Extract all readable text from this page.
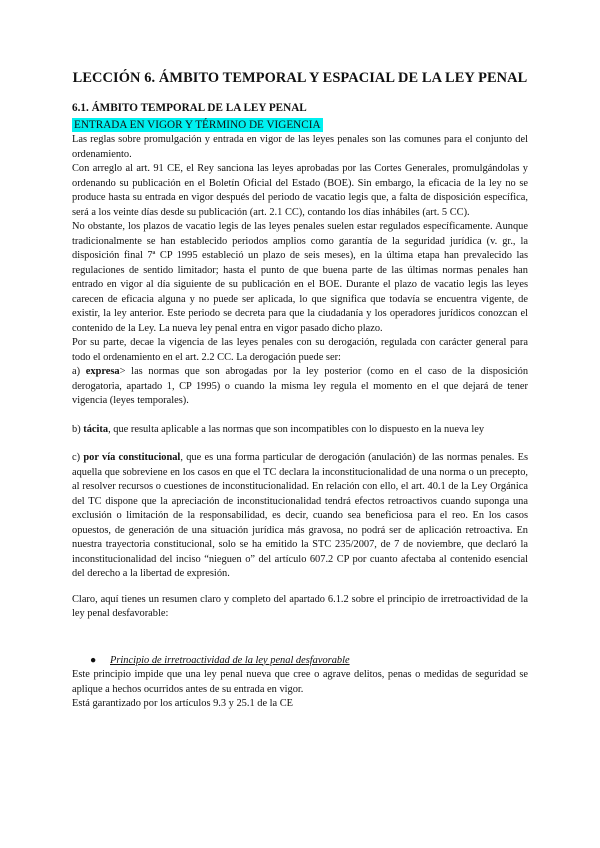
LECCIÓN 6. ÁMBITO TEMPORAL Y ESPACIAL DE LA LEY PENAL
6.1. ÁMBITO TEMPORAL DE LA LEY PENAL
ENTRADA EN VIGOR Y TÉRMINO DE VIGENCIA

Las reglas sobre promulgación y entrada en vigor de las leyes penales son las comunes para el conjunto del ordenamiento.

Con arreglo al art. 91 CE, el Rey sanciona las leyes aprobadas por las Cortes Generales, promulgándolas y ordenando su publicación en el Boletín Oficial del Estado (BOE). Sin embargo, la eficacia de la ley no se produce hasta su entrada en vigor después del periodo de vacatio legis que, a falta de disposición específica, será a los veinte días desde su publicación (art. 2.1 CC), contando los días inhábiles (art. 5 CC).

No obstante, los plazos de vacatio legis de las leyes penales suelen estar regulados específicamente. Aunque tradicionalmente se han establecido periodos amplios como garantía de la seguridad jurídica (v. gr., la disposición final 7ª CP 1995 estableció un plazo de seis meses), en la última etapa han prevalecido las regulaciones de sentido limitador; hasta el punto de que buena parte de las últimas normas penales han entrado en vigor al día siguiente de su publicación en el BOE. Durante el plazo de vacatio legis las leyes carecen de eficacia alguna y no puede ser aplicada, lo que significa que todavía se encuentra vigente, de existir, la ley anterior. Este periodo se decreta para que la ciudadanía y los operadores jurídicos conozcan el contenido de la Ley. La nueva ley penal entra en vigor pasado dicho plazo.

Por su parte, decae la vigencia de las leyes penales con su derogación, regulada con carácter general para todo el ordenamiento en el art. 2.2 CC. La derogación puede ser:

a) expresa> las normas que son abrogadas por la ley posterior (como en el caso de la disposición derogatoria, apartado 1, CP 1995) o cuando la misma ley regula el momento en el que dejará de tener vigencia (leyes temporales).

b) tácita, que resulta aplicable a las normas que son incompatibles con lo dispuesto en la nueva ley

c) por vía constitucional, que es una forma particular de derogación (anulación) de las normas penales. Es aquella que sobreviene en los casos en que el TC declara la inconstitucionalidad de una norma o un precepto, al resolver recursos o cuestiones de inconstitucionalidad. En relación con ello, el art. 40.1 de la Ley Orgánica del TC dispone que la apreciación de inconstitucionalidad tendrá efectos retroactivos cuando suponga una exclusión o limitación de la responsabilidad, es decir, cuando sea beneficiosa para el reo. En los casos opuestos, de generación de una situación jurídica más gravosa, no podrá ser de aplicación retroactiva. En nuestra trayectoria constitucional, solo se ha emitido la STC 235/2007, de 7 de noviembre, que declaró la inconstitucionalidad del inciso “nieguen o” del artículo 607.2 CP por cuanto afectaba al contenido esencial del derecho a la libertad de expresión.

Claro, aquí tienes un resumen claro y completo del apartado 6.1.2 sobre el principio de irretroactividad de la ley penal desfavorable:

●	Principio de irretroactividad de la ley penal desfavorable

Este principio impide que una ley penal nueva que cree o agrave delitos, penas o medidas de seguridad se aplique a hechos ocurridos antes de su entrada en vigor.

Está garantizado por los artículos 9.3 y 25.1 de la CE
